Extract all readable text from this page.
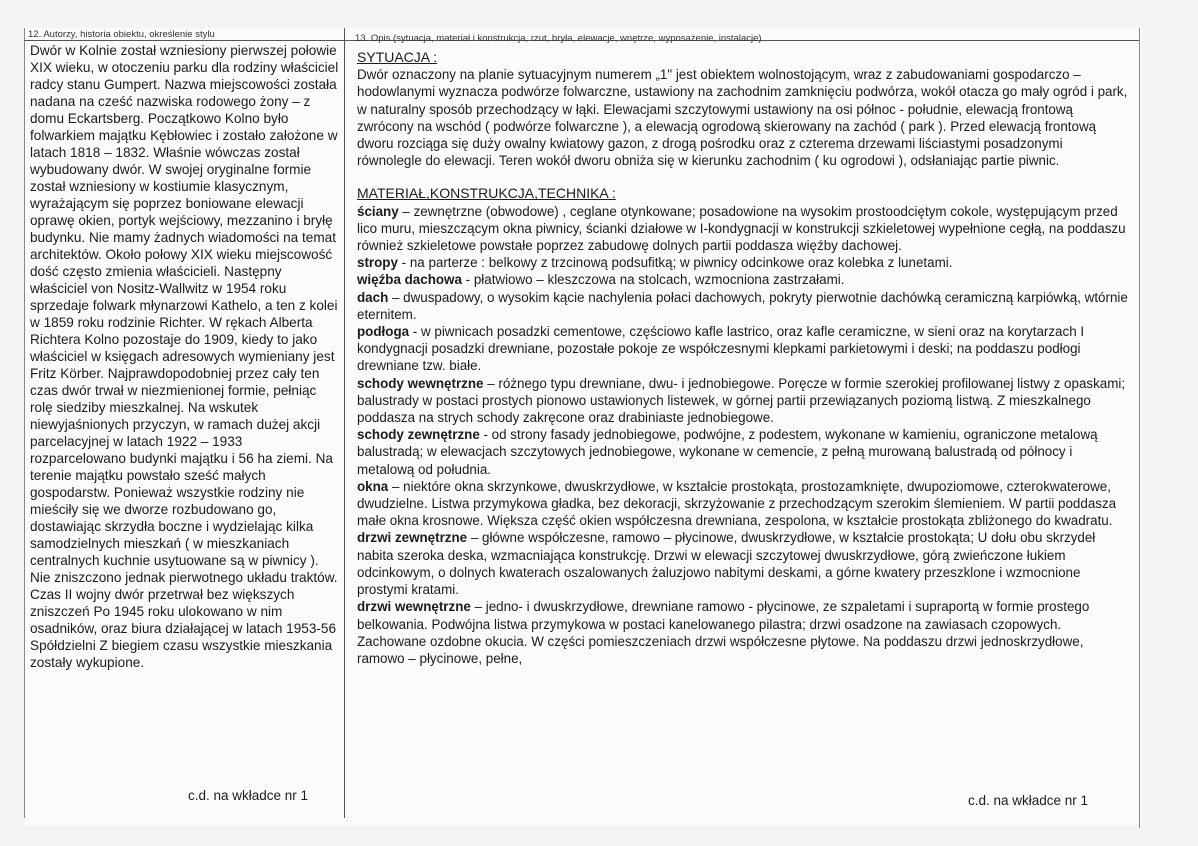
12. Autorzy, historia obiektu, określenie stylu	13. Opis (sytuacja, materiał i konstrukcja, rzut, bryła, elewacje, wnętrze, wyposażenie, instalacje)

Dwór w Kolnie został wzniesiony pierwszej połowie XIX wieku, w otoczeniu parku dla rodziny właściciel radcy stanu Gumpert. Nazwa miejscowości została nadana na cześć nazwiska rodowego żony – z domu Eckartsberg. Początkowo Kolno było folwarkiem majątku Kębłowiec i zostało założone w latach 1818 – 1832. Właśnie wówczas został wybudowany dwór. W swojej oryginalne formie został wzniesiony w kostiumie klasycznym, wyrażającym się poprzez boniowane elewacji oprawę okien, portyk wejściowy, mezzanino i bryłę budynku. Nie mamy żadnych wiadomości na temat architektów. Około połowy XIX wieku miejscowość dość często zmienia właścicieli. Następny właściciel von Nositz-Wallwitz w 1954 roku sprzedaje folwark młynarzowi Kathelo, a ten z kolei w 1859 roku rodzinie Richter. W rękach Alberta Richtera Kolno pozostaje do 1909, kiedy to jako właściciel w księgach adresowych wymieniany jest Fritz Körber. Najprawdopodobniej przez cały ten czas dwór trwał w niezmienionej formie, pełniąc rolę siedziby mieszkalnej. Na wskutek niewyjaśnionych przyczyn, w ramach dużej akcji parcelacyjnej w latach 1922 – 1933 rozparcelowano budynki majątku i 56 ha ziemi. Na terenie majątku powstało sześć małych gospodarstw. Ponieważ wszystkie rodziny nie mieściły się we dworze rozbudowano go, dostawiając skrzydła boczne i wydzielając kilka samodzielnych mieszkań ( w mieszkaniach centralnych kuchnie usytuowane są w piwnicy ). Nie zniszczono jednak pierwotnego układu traktów. Czas II wojny dwór przetrwał bez większych zniszczeń Po 1945 roku ulokowano w nim osadników, oraz biura działającej w latach 1953-56 Spółdzielni Z biegiem czasu wszystkie mieszkania zostały wykupione.

c.d. na wkładce nr 1
SYTUACJA :

Dwór oznaczony na planie sytuacyjnym numerem „1" jest obiektem wolnostojącym, wraz z zabudowaniami gospodarczo – hodowlanymi wyznacza podwórze folwarczne, ustawiony na zachodnim zamknięciu podwórza, wokół otacza go mały ogród i park, w naturalny sposób przechodzący w łąki. Elewacjami szczytowymi ustawiony na osi północ - południe, elewacją frontową zwrócony na wschód ( podwórze folwarczne ), a elewacją ogrodową skierowany na zachód ( park ). Przed elewacją frontową dworu rozciąga się duży owalny kwiatowy gazon, z drogą pośrodku oraz z czterema drzewami liściastymi posadzonymi równolegle do elewacji. Teren wokół dworu obniża się w kierunku zachodnim ( ku ogrodowi ), odsłaniając partie piwnic.

MATERIAŁ,KONSTRUKCJA,TECHNIKA :

ściany – zewnętrzne (obwodowe) , ceglane otynkowane; posadowione na wysokim prostoodciętym cokole, występującym przed lico muru, mieszczącym okna piwnicy, ścianki działowe w I-kondygnacji w konstrukcji szkieletowej wypełnione cegłą, na poddaszu również szkieletowe powstałe poprzez zabudowę dolnych partii poddasza więźby dachowej.

stropy - na parterze : belkowy z trzcinową podsufitką; w piwnicy odcinkowe oraz kolebka z lunetami.

więźba dachowa - płatwiowo – kleszczowa na stolcach, wzmocniona zastrzałami.

dach – dwuspadowy, o wysokim kącie nachylenia połaci dachowych, pokryty pierwotnie dachówką ceramiczną karpiówką, wtórnie eternitem.

podłoga - w piwnicach posadzki cementowe, częściowo kafle lastrico, oraz kafle ceramiczne, w sieni oraz na korytarzach I kondygnacji posadzki drewniane, pozostałe pokoje ze współczesnymi klepkami parkietowymi i deski; na poddaszu podłogi drewniane tzw. białe.

schody wewnętrzne – różnego typu drewniane, dwu- i jednobiegowe. Poręcze w formie szerokiej profilowanej listwy z opaskami; balustrady w postaci prostych pionowo ustawionych listewek, w górnej partii przewiązanych poziomą listwą. Z mieszkalnego poddasza na strych schody zakręcone oraz drabiniaste jednobiegowe.

schody zewnętrzne - od strony fasady jednobiegowe, podwójne, z podestem, wykonane w kamieniu, ograniczone metalową balustradą; w elewacjach szczytowych jednobiegowe, wykonane w cemencie, z pełną murowaną balustradą od północy i metalową od południa.

okna – niektóre okna skrzynkowe, dwuskrzydłowe, w kształcie prostokąta, prostozamknięte, dwupoziomowe, czterokwaterowe, dwudzielne. Listwa przymykowa gładka, bez dekoracji, skrzyżowanie z przechodzącym szerokim ślemieniem. W partii poddasza małe okna krosnowe. Większa część okien współczesna drewniana, zespolona, w kształcie prostokąta zbliżonego do kwadratu.

drzwi zewnętrzne – główne współczesne, ramowo – płycinowe, dwuskrzydłowe, w kształcie prostokąta; U dołu obu skrzydeł nabita szeroka deska, wzmacniająca konstrukcję. Drzwi w elewacji szczytowej dwuskrzydłowe, górą zwieńczone łukiem odcinkowym, o dolnych kwaterach oszalowanych żaluzjowo nabitymi deskami, a górne kwatery przeszklone i wzmocnione prostymi kratami.

drzwi wewnętrzne – jedno- i dwuskrzydłowe, drewniane ramowo - płycinowe, ze szpaletami i supraportą w formie prostego belkowania. Podwójna listwa przymykowa w postaci kanelowanego pilastra; drzwi osadzone na zawiasach czopowych. Zachowane ozdobne okucia. W części pomieszczeniach drzwi współczesne płytowe. Na poddaszu drzwi jednoskrzydłowe, ramowo – płycinowe, pełne,

c.d. na wkładce nr 1
